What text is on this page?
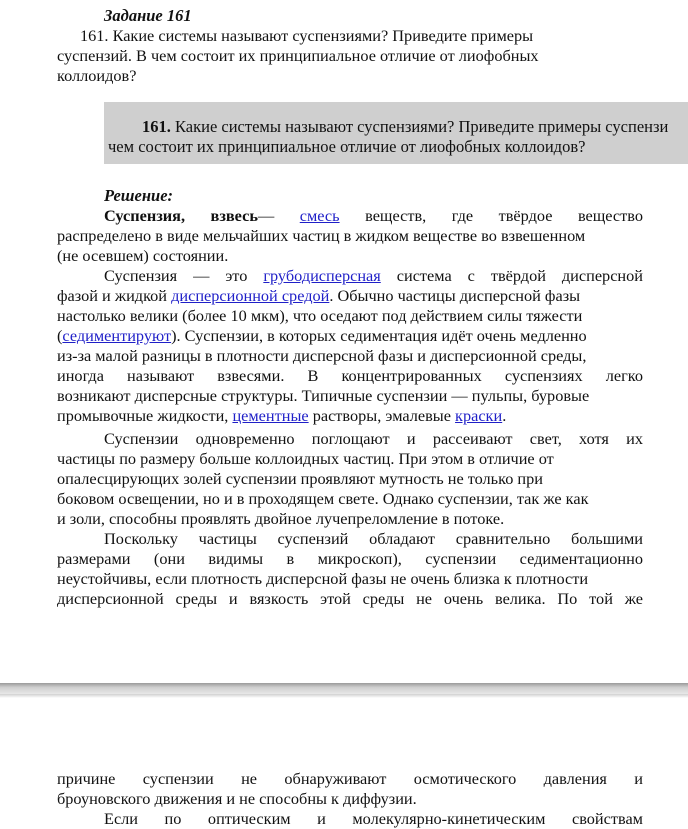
Задание 161
161. Какие системы называют суспензиями? Приведите примеры
суспензий. В чем состоит их принципиальное отличие от лиофобных
коллоидов?
161. Какие системы называют суспензиями? Приведите примеры суспензи
чем состоит их принципиальное отличие от лиофобных коллоидов?
Решение:
Суспензия, взвесь— смесь веществ, где твёрдое вещество
распределено в виде мельчайших частиц в жидком веществе во взвешенном
(не осевшем) состоянии.
Суспензия — это грубодисперсная система с твёрдой дисперсной
фазой и жидкой дисперсионной средой. Обычно частицы дисперсной фазы
настолько велики (более 10 мкм), что оседают под действием силы тяжести
(седиментируют). Суспензии, в которых седиментация идёт очень медленно
из-за малой разницы в плотности дисперсной фазы и дисперсионной среды,
иногда называют взвесями. В концентрированных суспензиях легко
возникают дисперсные структуры. Типичные суспензии — пульпы, буровые
промывочные жидкости, цементные растворы, эмалевые краски.
Суспензии одновременно поглощают и рассеивают свет, хотя их
частицы по размеру больше коллоидных частиц. При этом в отличие от
опалесцирующих золей суспензии проявляют мутность не только при
боковом освещении, но и в проходящем свете. Однако суспензии, так же как
и золи, способны проявлять двойное лучепреломление в потоке.
Поскольку частицы суспензий обладают сравнительно большими
размерами (они видимы в микроскоп), суспензии седиментационно
неустойчивы, если плотность дисперсной фазы не очень близка к плотности
дисперсионной среды и вязкость этой среды не очень велика. По той же
причине суспензии не обнаруживают осмотического давления и
броуновского движения и не способны к диффузии.
Если по оптическим и молекулярно-кинетическим свойствам
